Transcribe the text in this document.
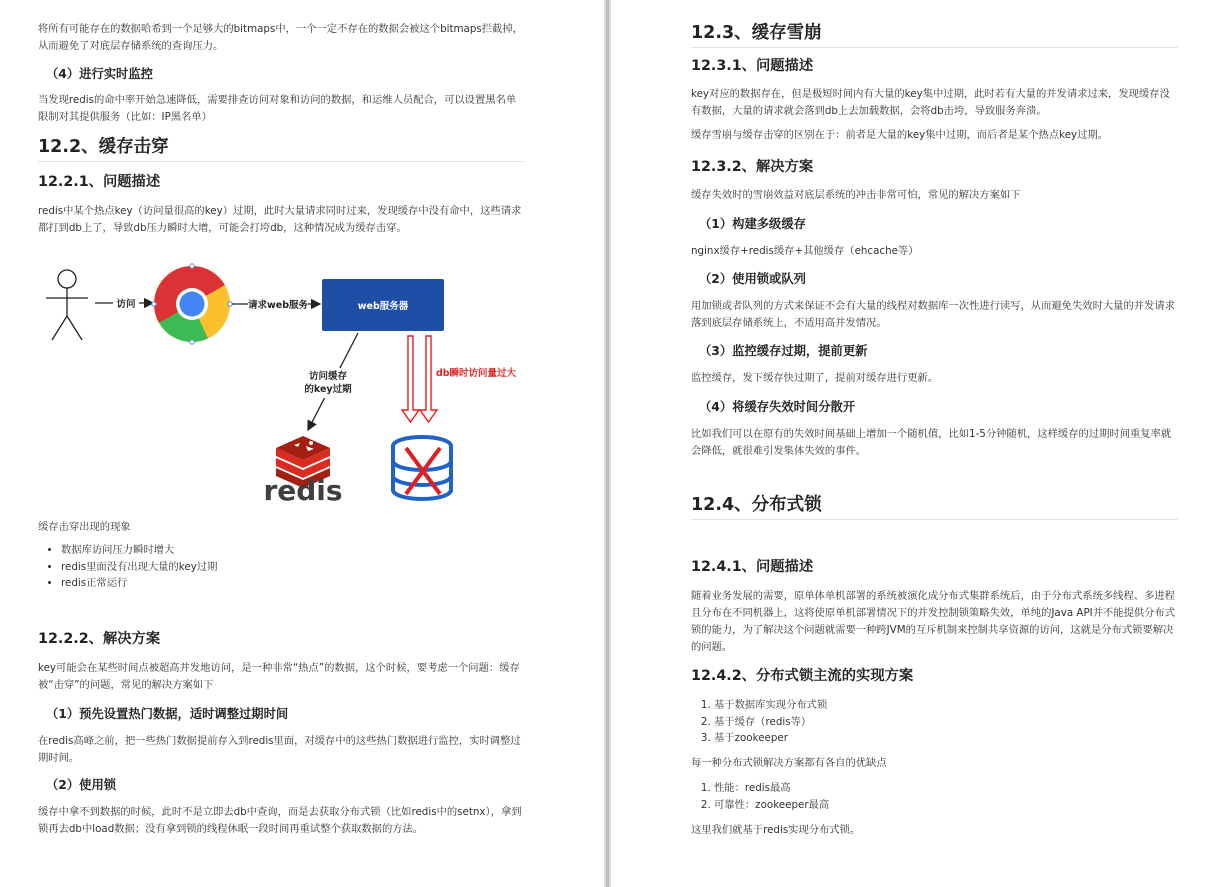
将所有可能存在的数据哈希到一个足够大的bitmaps中，一个一定不存在的数据会被这个bitmaps拦截掉，从而避免了对底层存储系统的查询压力。

（4）进行实时监控

当发现redis的命中率开始急速降低，需要排查访问对象和访问的数据，和运维人员配合，可以设置黑名单限制对其提供服务（比如：IP黑名单）

12.2、缓存击穿
12.2.1、问题描述

redis中某个热点key（访问量很高的key）过期，此时大量请求同时过来，发现缓存中没有命中，这些请求都打到db上了，导致db压力瞬时大增，可能会打垮db，这种情况成为缓存击穿。

访问	请求web服务	web服务器
访问缓存
的key过期
db瞬时访问量过大
redis

缓存击穿出现的现象

• 数据库访问压力瞬时增大
• redis里面没有出现大量的key过期
• redis正常运行
12.2.2、解决方案

key可能会在某些时间点被超高并发地访问，是一种非常“热点”的数据，这个时候，要考虑一个问题：缓存被“击穿”的问题，常见的解决方案如下

（1）预先设置热门数据，适时调整过期时间

在redis高峰之前，把一些热门数据提前存入到redis里面，对缓存中的这些热门数据进行监控，实时调整过期时间。

（2）使用锁

缓存中拿不到数据的时候，此时不是立即去db中查询，而是去获取分布式锁（比如redis中的setnx），拿到锁再去db中load数据；没有拿到锁的线程休眠一段时间再重试整个获取数据的方法。

12.3、缓存雪崩
12.3.1、问题描述

key对应的数据存在，但是极短时间内有大量的key集中过期，此时若有大量的并发请求过来，发现缓存没有数据，大量的请求就会落到db上去加载数据，会将db击垮，导致服务奔溃。

缓存雪崩与缓存击穿的区别在于：前者是大量的key集中过期，而后者是某个热点key过期。

12.3.2、解决方案

缓存失效时的雪崩效益对底层系统的冲击非常可怕，常见的解决方案如下

（1）构建多级缓存

nginx缓存+redis缓存+其他缓存（ehcache等）

（2）使用锁或队列

用加锁或者队列的方式来保证不会有大量的线程对数据库一次性进行读写，从而避免失效时大量的并发请求落到底层存储系统上，不适用高并发情况。

（3）监控缓存过期，提前更新

监控缓存，发下缓存快过期了，提前对缓存进行更新。

（4）将缓存失效时间分散开

比如我们可以在原有的失效时间基础上增加一个随机值，比如1-5分钟随机，这样缓存的过期时间重复率就会降低，就很难引发集体失效的事件。

12.4、分布式锁
12.4.1、问题描述

随着业务发展的需要，原单体单机部署的系统被演化成分布式集群系统后，由于分布式系统多线程、多进程且分布在不同机器上，这将使原单机部署情况下的并发控制锁策略失效，单纯的Java API并不能提供分布式锁的能力，为了解决这个问题就需要一种跨JVM的互斥机制来控制共享资源的访问，这就是分布式锁要解决的问题。

12.4.2、分布式锁主流的实现方案
1. 基于数据库实现分布式锁
2. 基于缓存（redis等）
3. 基于zookeeper

每一种分布式锁解决方案都有各自的优缺点

1. 性能：redis最高
2. 可靠性：zookeeper最高

这里我们就基于redis实现分布式锁。
